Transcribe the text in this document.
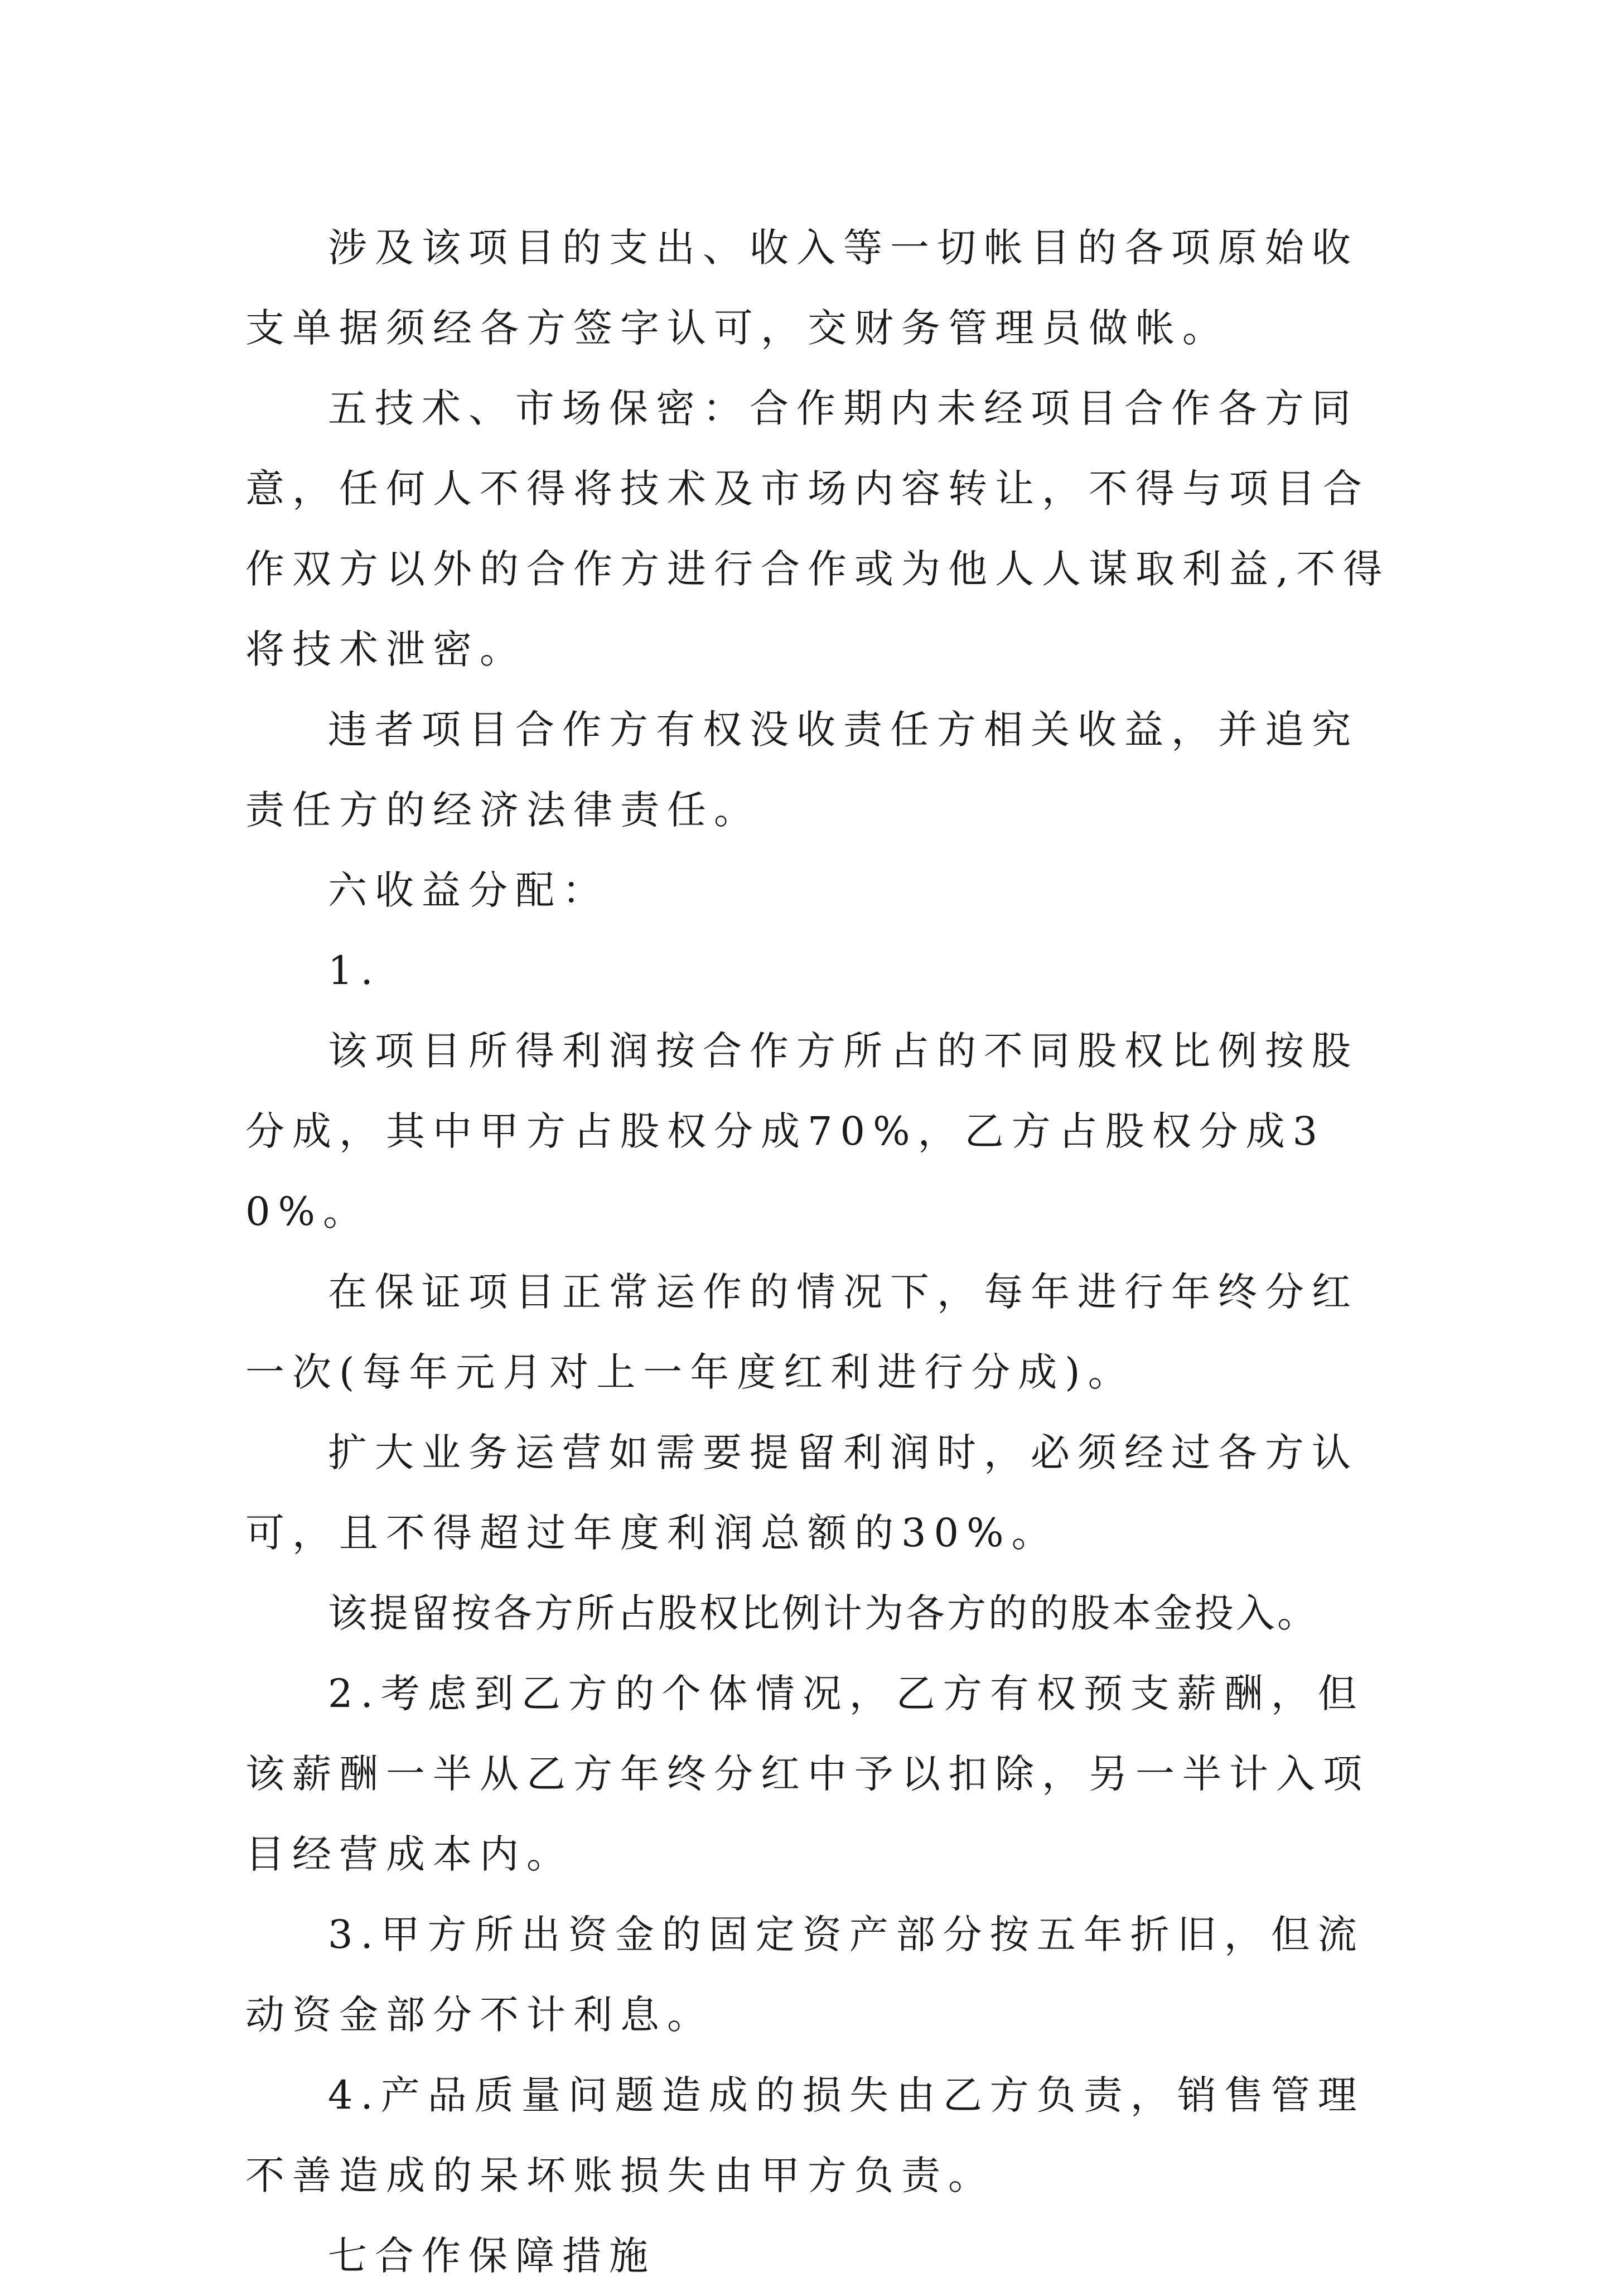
涉及该项目的支出、收入等一切帐目的各项原始收支单据须经各方签字认可，交财务管理员做帐。

五技术、市场保密：合作期内未经项目合作各方同意，任何人不得将技术及市场内容转让，不得与项目合作双方以外的合作方进行合作或为他人人谋取利益,不得将技术泄密。

违者项目合作方有权没收责任方相关收益，并追究责任方的经济法律责任。

六收益分配：

1.

该项目所得利润按合作方所占的不同股权比例按股分成，其中甲方占股权分成70%，乙方占股权分成30%。

在保证项目正常运作的情况下，每年进行年终分红一次(每年元月对上一年度红利进行分成)。

扩大业务运营如需要提留利润时，必须经过各方认可，且不得超过年度利润总额的30%。

该提留按各方所占股权比例计为各方的的股本金投入。

2.考虑到乙方的个体情况，乙方有权预支薪酬，但该薪酬一半从乙方年终分红中予以扣除，另一半计入项目经营成本内。

3.甲方所出资金的固定资产部分按五年折旧，但流动资金部分不计利息。

4.产品质量问题造成的损失由乙方负责，销售管理不善造成的呆坏账损失由甲方负责。

七合作保障措施
